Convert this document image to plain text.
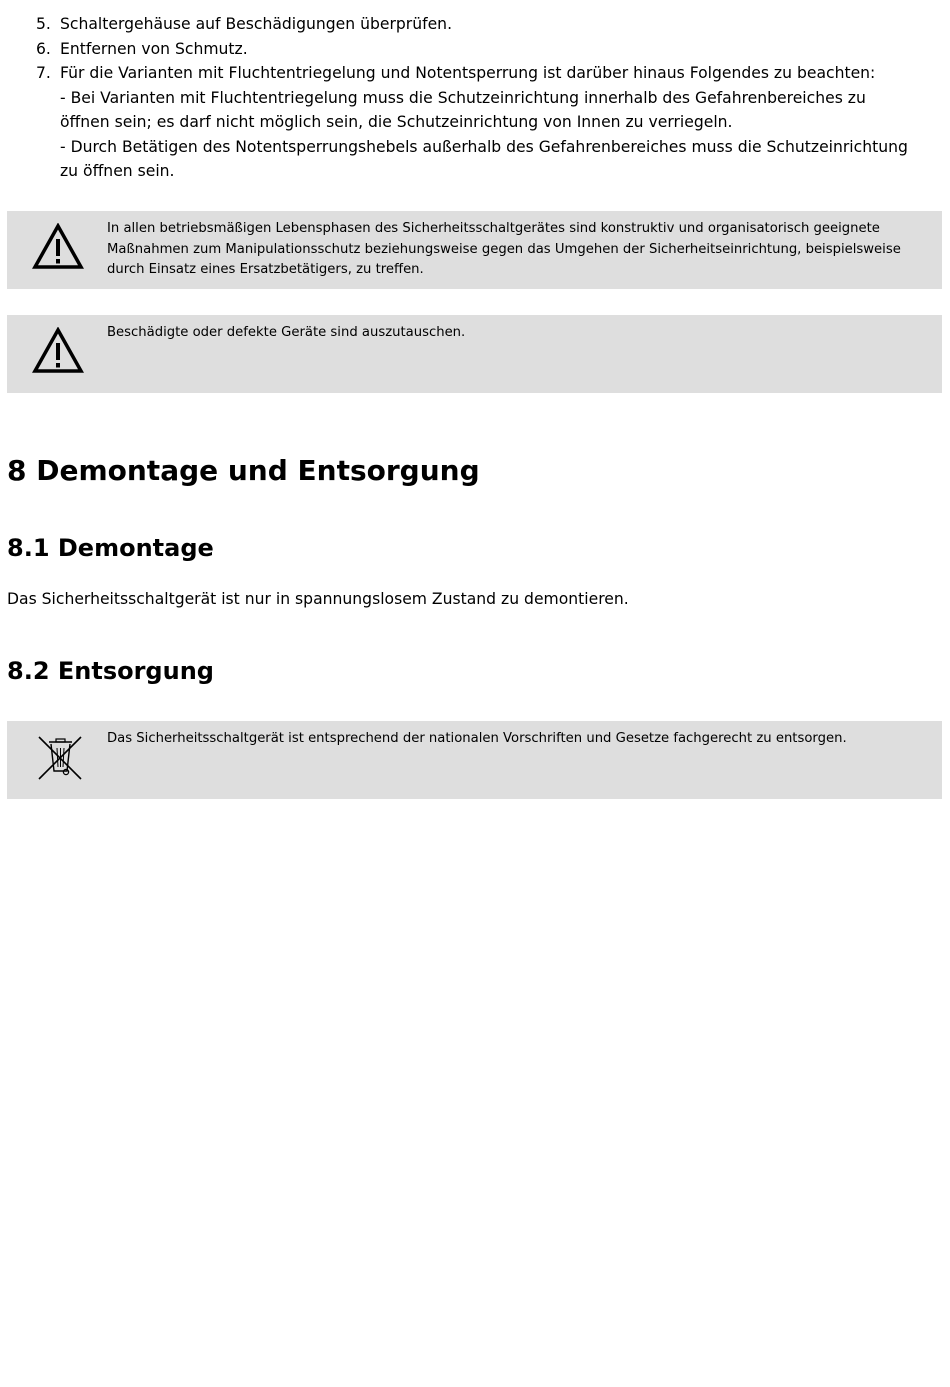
5. Schaltergehäuse auf Beschädigungen überprüfen.
6. Entfernen von Schmutz.
7. Für die Varianten mit Fluchtentriegelung und Notentsperrung ist darüber hinaus Folgendes zu beachten:
- Bei Varianten mit Fluchtentriegelung muss die Schutzeinrichtung innerhalb des Gefahrenbereiches zu
öffnen sein; es darf nicht möglich sein, die Schutzeinrichtung von Innen zu verriegeln.
- Durch Betätigen des Notentsperrungshebels außerhalb des Gefahrenbereiches muss die Schutzeinrichtung
zu öffnen sein.
In allen betriebsmäßigen Lebensphasen des Sicherheitsschaltgerätes sind konstruktiv und organisatorisch geeignete
Maßnahmen zum Manipulationsschutz beziehungsweise gegen das Umgehen der Sicherheitseinrichtung, beispielsweise
durch Einsatz eines Ersatzbetätigers, zu treffen.
Beschädigte oder defekte Geräte sind auszutauschen.
8 Demontage und Entsorgung
8.1 Demontage

Das Sicherheitsschaltgerät ist nur in spannungslosem Zustand zu demontieren.

8.2 Entsorgung
Das Sicherheitsschaltgerät ist entsprechend der nationalen Vorschriften und Gesetze fachgerecht zu entsorgen.
